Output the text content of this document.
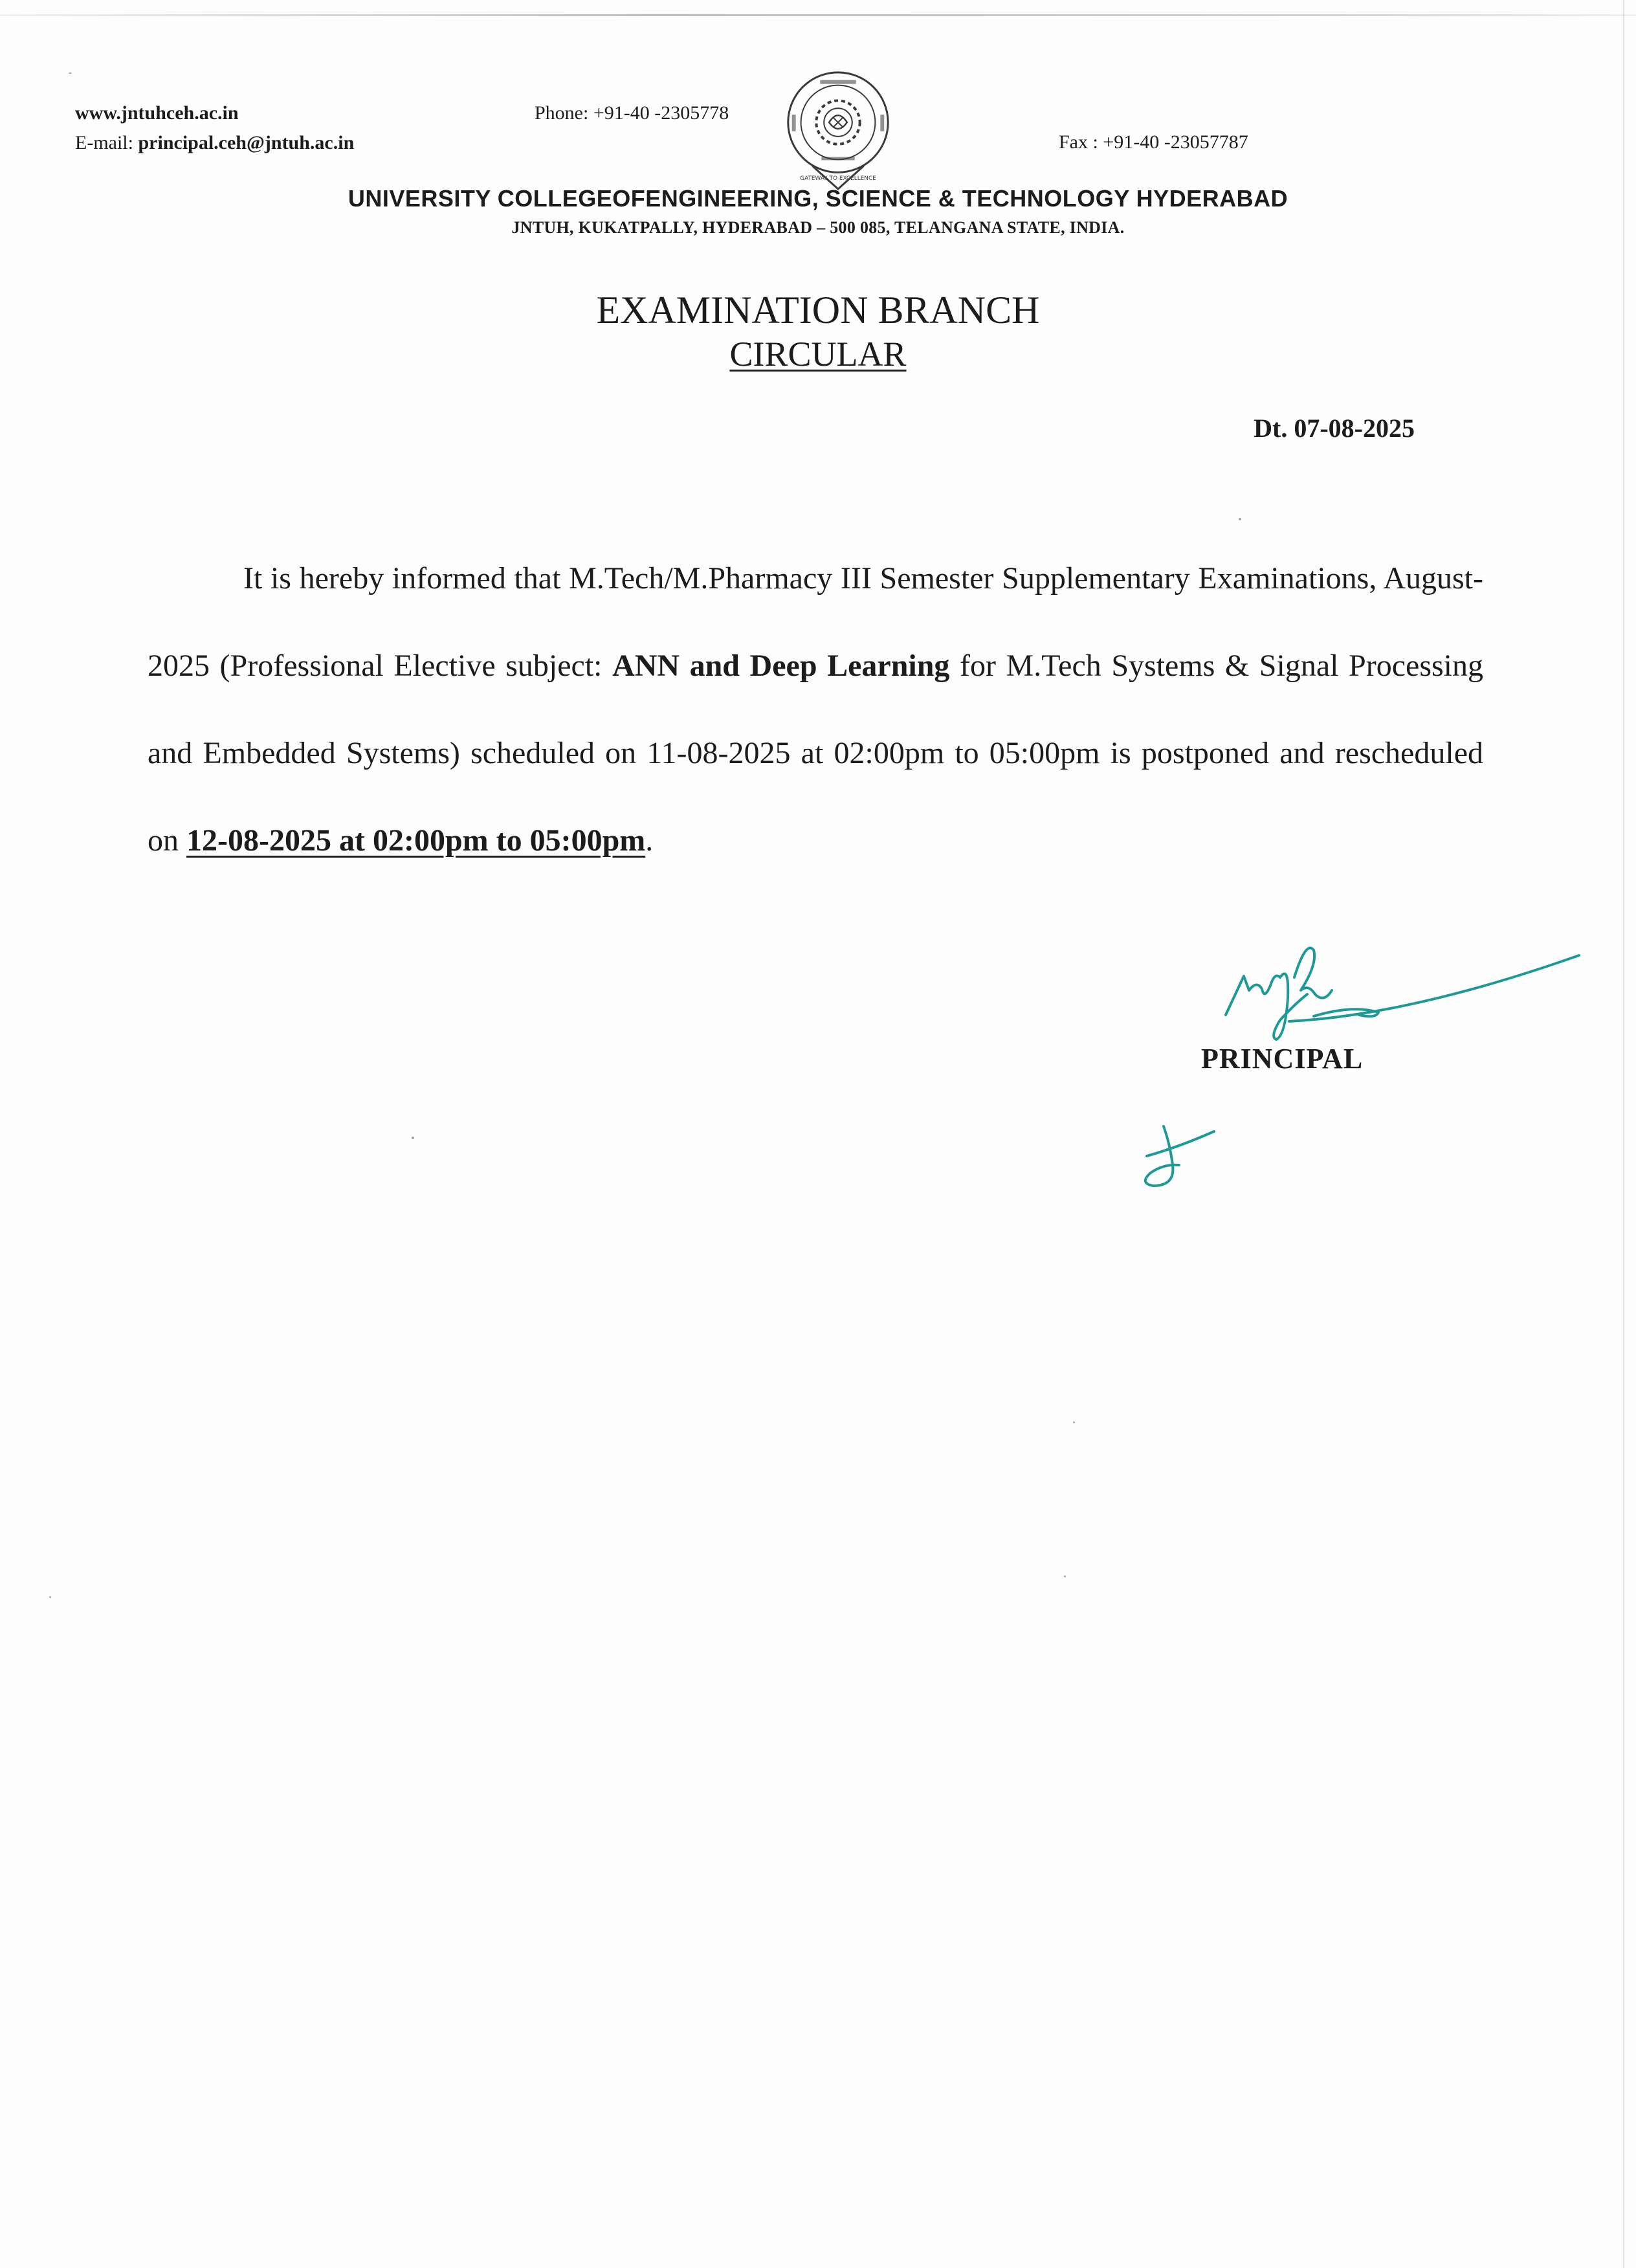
www.jntuhceh.ac.in
E-mail: principal.ceh@jntuh.ac.in
Phone: +91-40 -2305778
GATEWAY TO EXCELLENCE
Fax : +91-40 -23057787
UNIVERSITY COLLEGEOFENGINEERING, SCIENCE & TECHNOLOGY HYDERABAD
JNTUH, KUKATPALLY, HYDERABAD – 500 085, TELANGANA STATE, INDIA.
EXAMINATION BRANCH
CIRCULAR
Dt. 07-08-2025
It is hereby informed that M.Tech/M.Pharmacy III Semester Supplementary Examinations, August-2025 (Professional Elective subject: ANN and Deep Learning for M.Tech Systems & Signal Processing and Embedded Systems) scheduled on 11-08-2025 at 02:00pm to 05:00pm is postponed and rescheduled on 12-08-2025 at 02:00pm to 05:00pm.
PRINCIPAL
